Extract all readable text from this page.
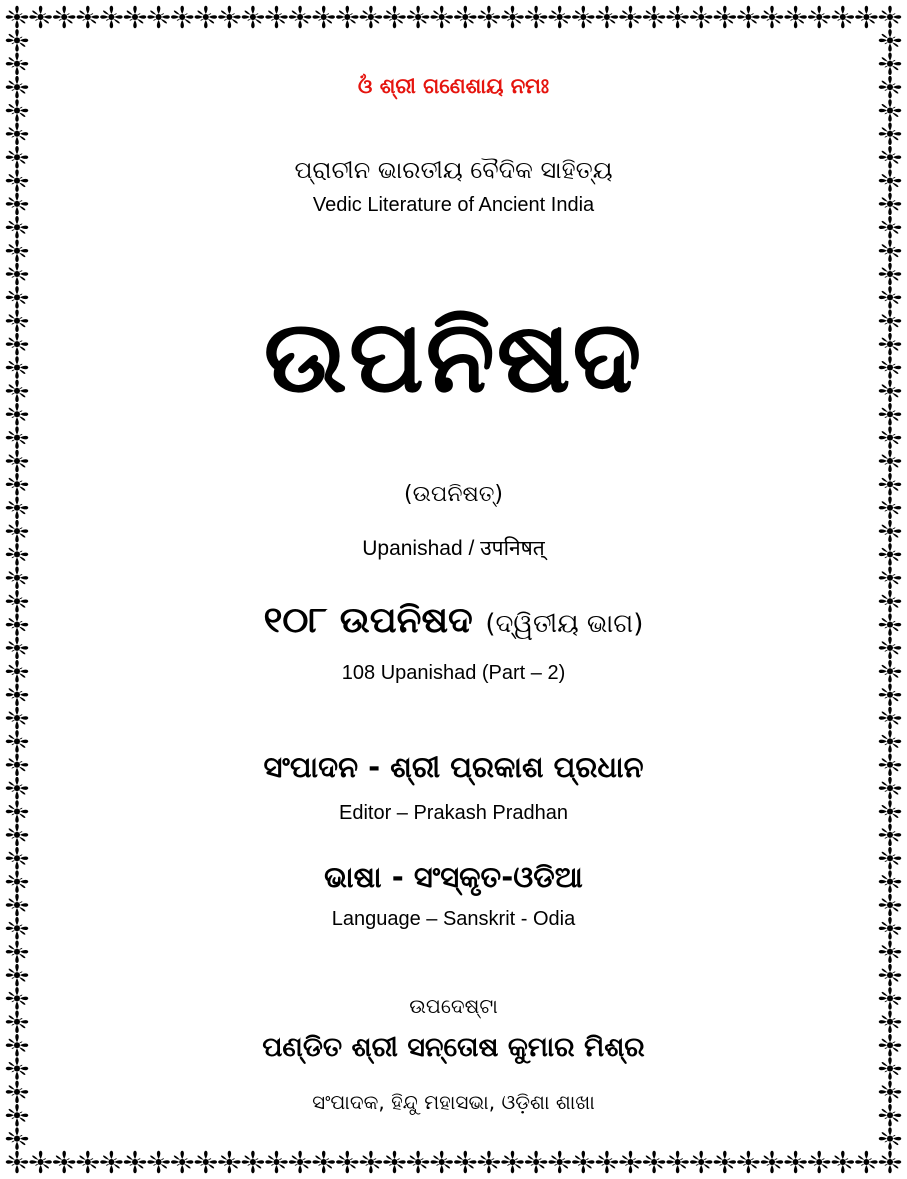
ଓଁ ଶ୍ରୀ ଗଣେଶାୟ ନମଃ
ପ୍ରାଚୀନ ଭାରତୀୟ ବୈଦିକ ସାହିତ୍ୟ
Vedic Literature of Ancient India
ଉପନିଷଦ
(ଉପନିଷତ୍)
Upanishad / उपनिषत्
୧୦୮ ଉପନିଷଦ (ଦ୍ୱିତୀୟ ଭାଗ)
108 Upanishad (Part – 2)
ସଂପାଦନ - ଶ୍ରୀ ପ୍ରକାଶ ପ୍ରଧାନ
Editor – Prakash Pradhan
ଭାଷା - ସଂସ୍କୃତ-ଓଡିଆ
Language – Sanskrit - Odia
ଉପଦେଷ୍ଟା
ପଣ୍ଡିତ ଶ୍ରୀ ସନ୍ତୋଷ କୁମାର ମିଶ୍ର
ସଂପାଦକ, ହିନ୍ଦୁ ମହାସଭା, ଓଡ଼ିଶା ଶାଖା
